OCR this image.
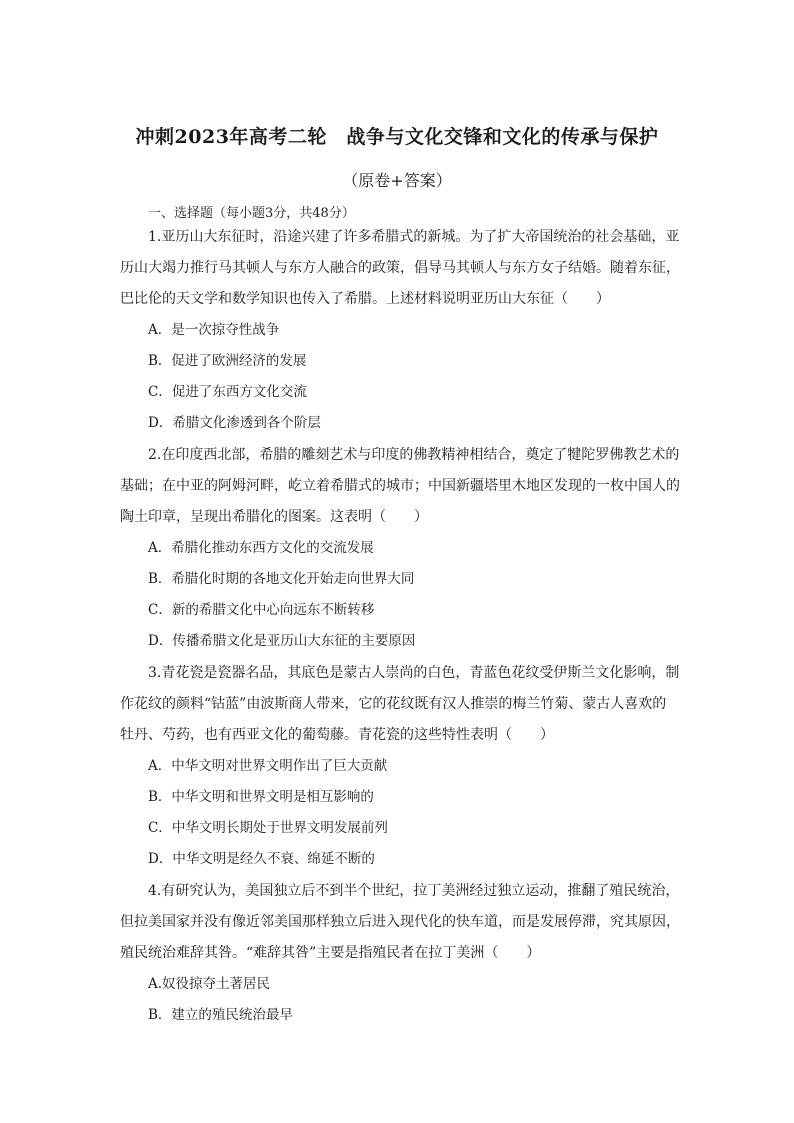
冲刺2023年高考二轮　战争与文化交锋和文化的传承与保护
（原卷+答案）
一、选择题（每小题3分，共48分）
1.亚历山大东征时，沿途兴建了许多希腊式的新城。为了扩大帝国统治的社会基础，亚
历山大竭力推行马其顿人与东方人融合的政策，倡导马其顿人与东方女子结婚。随着东征，
巴比伦的天文学和数学知识也传入了希腊。上述材料说明亚历山大东征（　　）
A．是一次掠夺性战争
B．促进了欧洲经济的发展
C．促进了东西方文化交流
D．希腊文化渗透到各个阶层
2.在印度西北部，希腊的雕刻艺术与印度的佛教精神相结合，奠定了犍陀罗佛教艺术的
基础；在中亚的阿姆河畔，屹立着希腊式的城市；中国新疆塔里木地区发现的一枚中国人的
陶土印章，呈现出希腊化的图案。这表明（　　）
A．希腊化推动东西方文化的交流发展
B．希腊化时期的各地文化开始走向世界大同
C．新的希腊文化中心向远东不断转移
D．传播希腊文化是亚历山大东征的主要原因
3.青花瓷是瓷器名品，其底色是蒙古人崇尚的白色，青蓝色花纹受伊斯兰文化影响，制
作花纹的颜料“钴蓝”由波斯商人带来，它的花纹既有汉人推崇的梅兰竹菊、蒙古人喜欢的
牡丹、芍药，也有西亚文化的葡萄藤。青花瓷的这些特性表明（　　）
A．中华文明对世界文明作出了巨大贡献
B．中华文明和世界文明是相互影响的
C．中华文明长期处于世界文明发展前列
D．中华文明是经久不衰、绵延不断的
4.有研究认为，美国独立后不到半个世纪，拉丁美洲经过独立运动，推翻了殖民统治，
但拉美国家并没有像近邻美国那样独立后进入现代化的快车道，而是发展停滞，究其原因，
殖民统治难辞其咎。“难辞其咎”主要是指殖民者在拉丁美洲（　　）
A.奴役掠夺土著居民
B．建立的殖民统治最早
